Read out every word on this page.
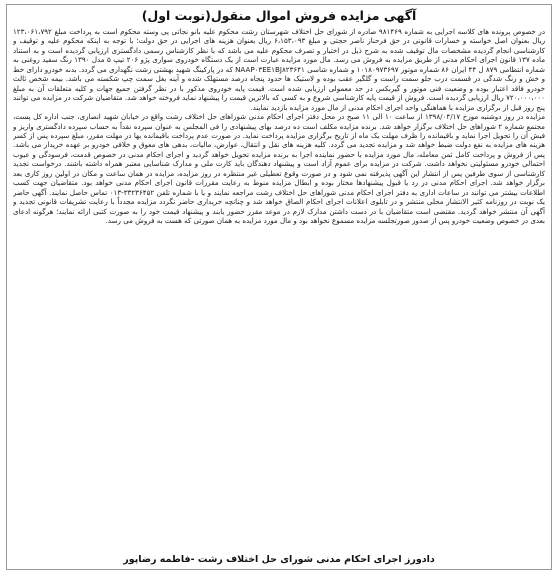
آگهی مزایده فروش اموال منقول(نوبت اول)

در خصوص پرونده های کلاسه اجرایی به شماره ۹۸۱۴۶۹ صادره از شورای حل اختلاف شهرستان رشت محکوم علیه بانو نجاتی پی وسته محکوم است به پرداخت مبلغ ۱۲۳،۰۶۱،۷۹۲ ریال بعنوان اصل خواسته و خسارات قانونی در حق فرحناز ناصر حجتی و مبلغ ۶،۱۵۳،۰۹۳ ریال بعنوان هزینه های اجرایی در حق دولت؛ با توجه به اینکه محکوم علیه و توقیف و کارشناسی انجام گردیده مشخصات مال توقیف شده به شرح ذیل در اختیار و تصرف محکوم علیه می باشد که با نظر کارشناس رسمی دادگستری ارزیابی گردیده است و به استناد ماده ۱۳۷ قانون اجرای احکام مدنی از طریق مزایده به فروش می رسد. مال مورد مزایده عبارت است از یک دستگاه خودروی سواری پژو ۲۰۶ تیپ ۵ مدل ۱۳۹۰ رنگ سفید روغنی به شماره انتظامی ۸۷۹ ل ۴۴ ایران ۸۶ شماره موتور ۱۰۱۸۰۹۷۳۶۹۷ و شماره شاسی NAAP۰۳EE۱BJ۸۲۳۶۴۱ که در پارکینگ شهید بهشتی رشت نگهداری می گردد. بدنه خودرو دارای خط و خش و رنگ شدگی در قسمت درب جلو سمت راست و گلگیر عقب بوده و لاستیک ها حدود پنجاه درصد مستهلک شده و آینه بغل سمت چپ شکسته می باشد. بیمه شخص ثالث خودرو فاقد اعتبار بوده و وضعیت فنی موتور و گیربکس در حد معمولی ارزیابی شده است. قیمت پایه خودروی مذکور با در نظر گرفتن جمیع جهات و کلیه متعلقات آن به مبلغ ۷۲۰،۰۰۰،۰۰۰ ریال ارزیابی گردیده است. فروش از قیمت پایه کارشناسی شروع و به کسی که بالاترین قیمت را پیشنهاد نماید فروخته خواهد شد. متقاضیان شرکت در مزایده می توانند پنج روز قبل از برگزاری مزایده با هماهنگی واحد اجرای احکام مدنی از مال مورد مزایده بازدید نمایند.

مزایده در روز دوشنبه مورخ ۱۳۹۸/۰۴/۱۷ از ساعت ۱۰ الی ۱۱ صبح در محل دفتر اجرای احکام مدنی شوراهای حل اختلاف رشت واقع در خیابان شهید انصاری، جنب اداره کل پست، مجتمع شماره ۲ شوراهای حل اختلاف برگزار خواهد شد. برنده مزایده مکلف است ده درصد بهای پیشنهادی را فی المجلس به عنوان سپرده نقداً به حساب سپرده دادگستری واریز و فیش آن را تحویل اجرا نماید و باقیمانده را ظرف مهلت یک ماه از تاریخ برگزاری مزایده پرداخت نماید. در صورت عدم پرداخت باقیمانده بها در مهلت مقرر، مبلغ سپرده پس از کسر هزینه های مزایده به نفع دولت ضبط خواهد شد و مزایده تجدید می گردد. کلیه هزینه های نقل و انتقال، عوارض، مالیات، بدهی های معوق و خلافی خودرو بر عهده خریدار می باشد. پس از فروش و پرداخت کامل ثمن معامله، مال مورد مزایده با حضور نماینده اجرا به برنده مزایده تحویل خواهد گردید و اجرای احکام مدنی در خصوص قدمت، فرسودگی و عیوب احتمالی خودرو مسئولیتی نخواهد داشت. شرکت در مزایده برای عموم آزاد است و پیشنهاد دهندگان باید کارت ملی و مدارک شناسایی معتبر همراه داشته باشند. درخواست تجدید کارشناسی از سوی طرفین پس از انتشار این آگهی پذیرفته نمی شود و در صورت وقوع تعطیلی غیر منتظره در روز مزایده، مزایده در همان ساعت و مکان در اولین روز کاری بعد برگزار خواهد شد. اجرای احکام مدنی در رد یا قبول پیشنهادها مختار بوده و ابطال مزایده منوط به رعایت مقررات قانون اجرای احکام مدنی خواهد بود. متقاضیان جهت کسب اطلاعات بیشتر می توانند در ساعات اداری به دفتر اجرای احکام مدنی شوراهای حل اختلاف رشت مراجعه نمایند و یا با شماره تلفن ۳۳۲۳۶۴۵۲-۰۱۳ تماس حاصل نمایند. آگهی حاضر یک نوبت در روزنامه کثیر الانتشار محلی منتشر و در تابلوی اعلانات اجرای احکام الصاق خواهد شد و چنانچه خریداری حاضر نگردد مزایده مجدداً با رعایت تشریفات قانونی تجدید و آگهی آن منتشر خواهد گردید. مقتضی است متقاضیان با در دست داشتن مدارک لازم در موعد مقرر حضور یابند و پیشنهاد قیمت خود را به صورت کتبی ارائه نمایند؛ هرگونه ادعای بعدی در خصوص وضعیت خودرو پس از صدور صورتجلسه مزایده مسموع نخواهد بود و مال مورد مزایده به همان صورتی که هست به فروش می رسد.

دادورز اجرای احکام مدنی شورای حل اختلاف رشت -فاطمه رضاپور
